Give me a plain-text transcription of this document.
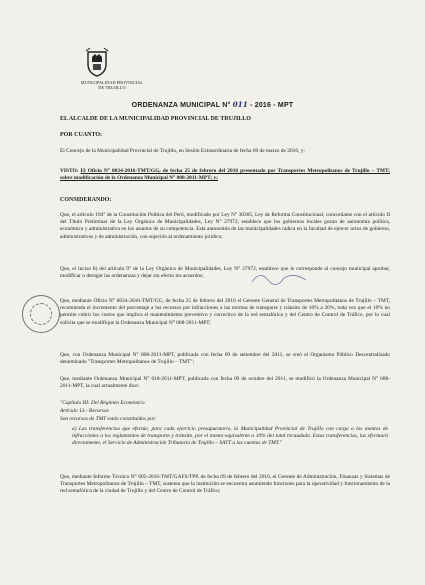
MUNICIPALIDAD PROVINCIAL
DE TRUJILLO
ORDENANZA MUNICIPAL N° 011 - 2016 - MPT
EL ALCALDE DE LA MUNICIPALIDAD PROVINCIAL DE TRUJILLO
POR CUANTO:
El Concejo de la Municipalidad Provincial de Trujillo, en Sesión Extraordinaria de fecha 09 de marzo de 2016, y;
VISTO: El Oficio N° 0034-2016-TMT/GG, de fecha 25 de febrero del 2016 presentado por Transportes Metropolitanos de Trujillo – TMT; sobre modificación de la Ordenanza Municipal N° 008-2011-MPT; y;
CONSIDERANDO:
Que, el artículo 194° de la Constitución Política del Perú, modificado por Ley N° 30305, Ley de Reforma Constitucional, concordante con el artículo II del Título Preliminar de la Ley Orgánica de Municipalidades, Ley N° 27972, establece que los gobiernos locales gozan de autonomía política, económica y administrativa en los asuntos de su competencia. Esta autonomía de las municipalidades radica en la facultad de ejercer actos de gobierno, administrativos y de administración, con sujeción al ordenamiento jurídico;
Que, el inciso 8) del artículo 9° de la Ley Orgánica de Municipalidades, Ley N° 27972, establece que le corresponde al concejo municipal aprobar, modificar o derogar las ordenanzas y dejar sin efecto los acuerdos;
Que, mediante Oficio N° 0034-2016-TMT/GG, de fecha 25 de febrero del 2016 el Gerente General de Transportes Metropolitanos de Trujillo – TMT, recomienda el incremento del porcentaje a los recursos por infracciones a las normas de transporte y tránsito de 10% a 30%, toda vez que el 10% no permite cubrir los costos que implica el mantenimiento preventivo y correctivo de la red semafórica y del Centro de Control de Tráfico, por lo cual solicita que se modifique la Ordenanza Municipal N° 008-2011-MPT;
Que, con Ordenanza Municipal N° 008-2011-MPT, publicada con fecha 09 de setiembre del 2011, se creó el Organismo Público Descentralizado denominado "Transportes Metropolitanos de Trujillo – TMT";
Que, mediante Ordenanza Municipal N° 018-2011-MPT, publicada con fecha 09 de octubre del 2011, se modificó la Ordenanza Municipal N° 008-2011-MPT, la cual actualmente dice:
"Capítulo III: Del Régimen Económico
Artículo 13.- Recursos
Son recursos de TMT están constituidos por:
a) Las transferencias que efectúe, para cada ejercicio presupuestario, la Municipalidad Provincial de Trujillo con cargo a los montos de infracciones a los reglamentos de transporte y tránsito, por el monto equivalente a 10% del total recaudado. Estas transferencias, las efectuará directamente, el Servicio de Administración Tributaria de Trujillo – SATT a las cuentas de TMT."
Que, mediante Informe Técnico N° 005-2016-TMT/GAFS/TPP, de fecha 09 de febrero del 2016, el Gerente de Administración, Finanzas y Sistemas de Transportes Metropolitanos de Trujillo – TMT, sustenta que la institución se encuentra asumiendo funciones para la operatividad y funcionamiento de la red semafórica de la ciudad de Trujillo y del Centro de Control de Tráfico;
